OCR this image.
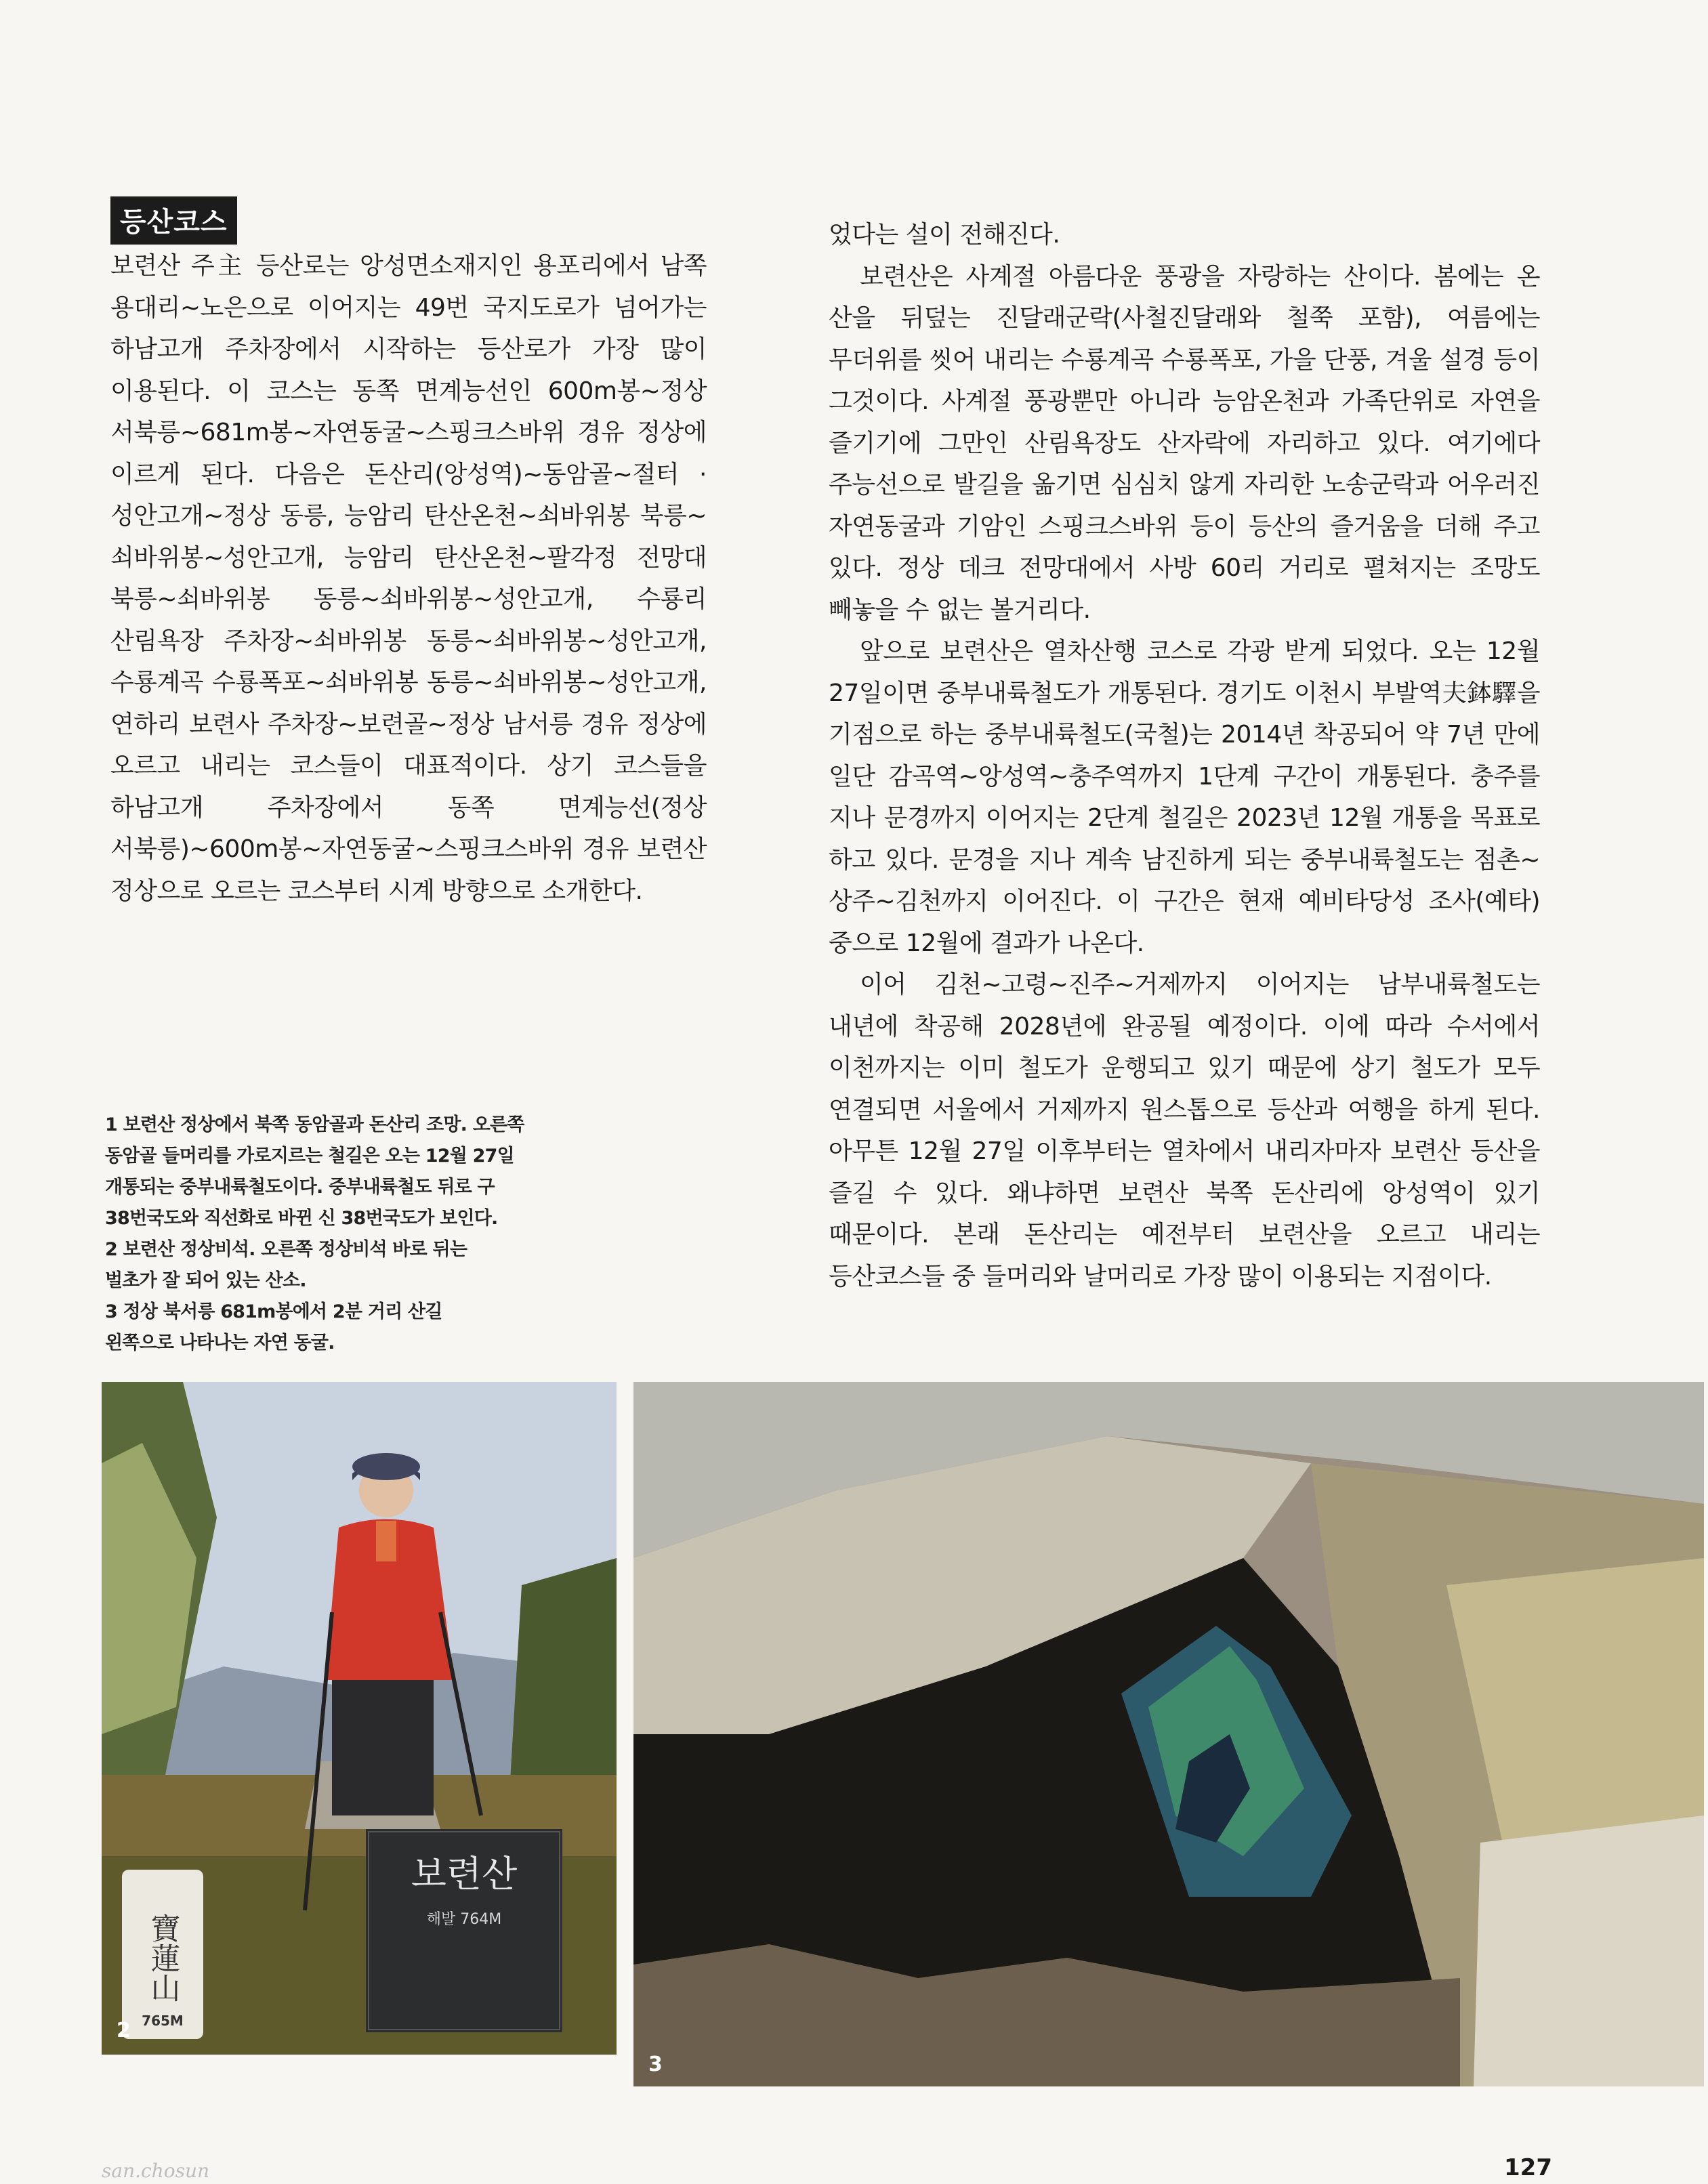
등산코스

보련산 주主 등산로는 앙성면소재지인 용포리에서 남쪽 용대리~노은으로 이어지는 49번 국지도로가 넘어가는 하남고개 주차장에서 시작하는 등산로가 가장 많이 이용된다. 이 코스는 동쪽 면계능선인 600m봉~정상 서북릉~681m봉~자연동굴~스핑크스바위 경유 정상에 이르게 된다. 다음은 돈산리(앙성역)~동암골~절터 · 성안고개~정상 동릉, 능암리 탄산온천~쇠바위봉 북릉~쇠바위봉~성안고개, 능암리 탄산온천~팔각정 전망대 북릉~쇠바위봉 동릉~쇠바위봉~성안고개, 수룡리 산림욕장 주차장~쇠바위봉 동릉~쇠바위봉~성안고개, 수룡계곡 수룡폭포~쇠바위봉 동릉~쇠바위봉~성안고개, 연하리 보련사 주차장~보련골~정상 남서릉 경유 정상에 오르고 내리는 코스들이 대표적이다. 상기 코스들을 하남고개 주차장에서 동쪽 면계능선(정상 서북릉)~600m봉~자연동굴~스핑크스바위 경유 보련산 정상으로 오르는 코스부터 시계 방향으로 소개한다.

었다는 설이 전해진다.

보련산은 사계절 아름다운 풍광을 자랑하는 산이다. 봄에는 온 산을 뒤덮는 진달래군락(사철진달래와 철쭉 포함), 여름에는 무더위를 씻어 내리는 수룡계곡 수룡폭포, 가을 단풍, 겨울 설경 등이 그것이다. 사계절 풍광뿐만 아니라 능암온천과 가족단위로 자연을 즐기기에 그만인 산림욕장도 산자락에 자리하고 있다. 여기에다 주능선으로 발길을 옮기면 심심치 않게 자리한 노송군락과 어우러진 자연동굴과 기암인 스핑크스바위 등이 등산의 즐거움을 더해 주고 있다. 정상 데크 전망대에서 사방 60리 거리로 펼쳐지는 조망도 빼놓을 수 없는 볼거리다.

앞으로 보련산은 열차산행 코스로 각광 받게 되었다. 오는 12월 27일이면 중부내륙철도가 개통된다. 경기도 이천시 부발역夫鉢驛을 기점으로 하는 중부내륙철도(국철)는 2014년 착공되어 약 7년 만에 일단 감곡역~앙성역~충주역까지 1단계 구간이 개통된다. 충주를 지나 문경까지 이어지는 2단계 철길은 2023년 12월 개통을 목표로 하고 있다. 문경을 지나 계속 남진하게 되는 중부내륙철도는 점촌~상주~김천까지 이어진다. 이 구간은 현재 예비타당성 조사(예타) 중으로 12월에 결과가 나온다.

이어 김천~고령~진주~거제까지 이어지는 남부내륙철도는 내년에 착공해 2028년에 완공될 예정이다. 이에 따라 수서에서 이천까지는 이미 철도가 운행되고 있기 때문에 상기 철도가 모두 연결되면 서울에서 거제까지 원스톱으로 등산과 여행을 하게 된다. 아무튼 12월 27일 이후부터는 열차에서 내리자마자 보련산 등산을 즐길 수 있다. 왜냐하면 보련산 북쪽 돈산리에 앙성역이 있기 때문이다. 본래 돈산리는 예전부터 보련산을 오르고 내리는 등산코스들 중 들머리와 날머리로 가장 많이 이용되는 지점이다.

1 보련산 정상에서 북쪽 동암골과 돈산리 조망. 오른쪽
동암골 들머리를 가로지르는 철길은 오는 12월 27일
개통되는 중부내륙철도이다. 중부내륙철도 뒤로 구
38번국도와 직선화로 바뀐 신 38번국도가 보인다.
2 보련산 정상비석. 오른쪽 정상비석 바로 뒤는
벌초가 잘 되어 있는 산소.
3 정상 북서릉 681m봉에서 2분 거리 산길
왼쪽으로 나타나는 자연 동굴.
보련산
해발 764M
寶蓮山
765M
2
3
san.chosun	127
